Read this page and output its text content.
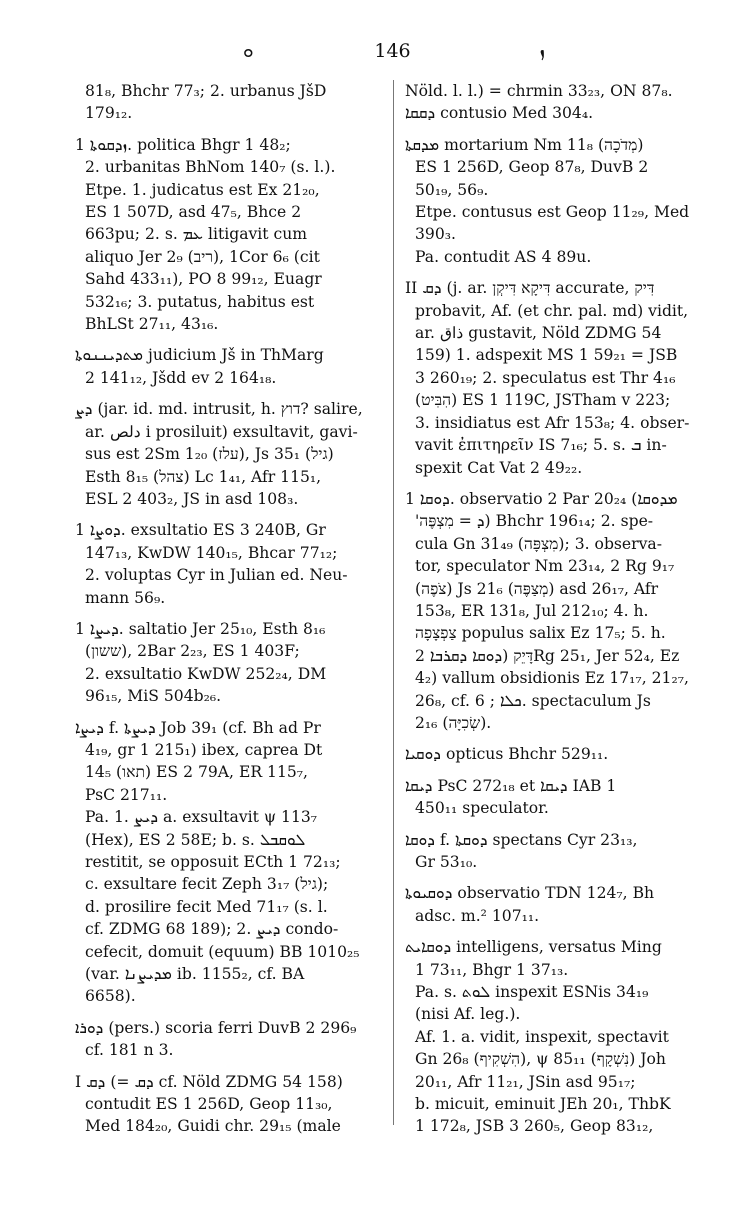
ܘ	146	ܙ
81₈, Bhchr 77₃; 2. urbanus JšD
179₁₂.
ܙܕܩܘܬܐ 1. politica Bhgr 1 48₂;
2. urbanitas BhNom 140₇ (s. l.).
Etpe. 1. judicatus est Ex 21₂₀,
ES 1 507D, asd 47₅, Bhce 2
663pu; 2. s. ܥܡ litigavit cum
aliquo Jer 2₉ (ריב), 1Cor 6₆ (cit
Sahd 433₁₁), PO 8 99₁₂, Euagr
532₁₆; 3. putatus, habitus est
BhLSt 27₁₁, 43₁₆.
ܡܬܕܝܢܢܘܬܐ judicium Jš in ThMarg
2 141₁₂, Jšdd ev 2 164₁₈.
ܕܨ (jar. id. md. intrusit, h. דוץ? salire,
ar. دلص i prosiluit) exsultavit, gavi-
sus est 2Sm 1₂₀ (עלז), Js 35₁ (גיל)
Esth 8₁₅ (צהל) Lc 1₄₁, Afr 115₁,
ESL 2 403₂, JS in asd 108₃.
ܕܘܨܐ 1. exsultatio ES 3 240B, Gr
147₁₃, KwDW 140₁₅, Bhcar 77₁₂;
2. voluptas Cyr in Julian ed. Neu-
mann 56₉.
ܕܝܨܐ 1. saltatio Jer 25₁₀, Esth 8₁₆
(ששון), 2Bar 2₂₃, ES 1 403F;
2. exsultatio KwDW 252₂₄, DM
96₁₅, MiS 504b₂₆.
ܕܝܨܐ f. ܕܝܨܬܐ Job 39₁ (cf. Bh ad Pr
4₁₉, gr 1 215₁) ibex, caprea Dt
14₅ (תאו) ES 2 79A, ER 115₇,
PsC 217₁₁.
Pa. 1. ܕܝܨ a. exsultavit ψ 113₇
(Hex), ES 2 58E; b. s. ܠܘܩܒܠ
restitit, se opposuit ECth 1 72₁₃;
c. exsultare fecit Zeph 3₁₇ (גיל);
d. prosilire fecit Med 71₁₇ (s. l.
cf. ZDMG 68 189); 2. ܕܝܨ condo-
cefecit, domuit (equum) BB 1010₂₅
(var. ܡܕܝܨܢܐ ib. 1155₂, cf. BA
6658).
ܕܘܪܐ (pers.) scoria ferri DuvB 2 296₉
cf. 181 n 3.
I ܕܩ (= ܕܩ cf. Nöld ZDMG 54 158)
contudit ES 1 256D, Geop 11₃₀,
Med 184₂₀, Guidi chr. 29₁₅ (male
Nöld. l. l.) = chrmin 33₂₃, ON 87₈.
ܕܩܩܐ contusio Med 304₄.
ܡܕܩܬܐ mortarium Nm 11₈ (מְדֹכָה)
ES 1 256D, Geop 87₈, DuvB 2
50₁₉, 56₉.
Etpe. contusus est Geop 11₂₉, Med
390₃.
Pa. contudit AS 4 89u.
II ܕܩ (j. ar. דִּיקָא דִּיקְן accurate, דִּיק
probavit, Af. (et chr. pal. md) vidit,
ar. ذاق gustavit, Nöld ZDMG 54
159) 1. adspexit MS 1 59₂₁ = JSB
3 260₁₉; 2. speculatus est Thr 4₁₆
(הִבִּיט) ES 1 119C, JSTham v 223;
3. insidiatus est Afr 153₈; 4. obser-
vavit ἐπιτηρεῖν IS 7₁₆; 5. s. ܒ in-
spexit Cat Vat 2 49₂₂.
ܕܘܩܐ 1. observatio 2 Par 20₂₄ (ܡܕܘܩܐ
'ܕ = מִצְפֶּה) Bhchr 196₁₄; 2. spe-
cula Gn 31₄₉ (מִצְפָּה); 3. observa-
tor, speculator Nm 23₁₄, 2 Rg 9₁₇
(צֹפֶה) Js 21₆ (מְצַפֶּה) asd 26₁₇, Afr
153₈, ER 131₈, Jul 212₁₀; 4. h.
צַפְצָפָה populus salix Ez 17₅; 5. h.
דָּיֵק (ܕܘܩܐ ܕܩܪܒܐ 2Rg 25₁, Jer 52₄, Ez
4₂) vallum obsidionis Ez 17₁₇, 21₂₇,
26₈, cf. ܟܠܐ ; 6. spectaculum Js
2₁₆ (שְׂכִיָּה).
ܕܘܩܝܐ opticus Bhchr 529₁₁.
ܕܝܩܐ PsC 272₁₈ et ܕܝܩܐ IAB 1
450₁₁ speculator.
ܕܘܩܐ f. ܕܘܩܬܐ spectans Cyr 23₁₃,
Gr 53₁₀.
ܕܘܩܝܘܬܐ observatio TDN 124₇, Bh
adsc. m.² 107₁₁.
ܕܘܩܐܝܬ intelligens, versatus Ming
1 73₁₁, Bhgr 1 37₁₃.
Pa. s. ܠܘܬ inspexit ESNis 34₁₉
(nisi Af. leg.).
Af. 1. a. vidit, inspexit, spectavit
Gn 26₈ (הִשְׁקִיף), ψ 85₁₁ (נִשְׁקָף) Joh
20₁₁, Afr 11₂₁, JSin asd 95₁₇;
b. micuit, eminuit JEh 20₁, ThbK
1 172₈, JSB 3 260₅, Geop 83₁₂,
